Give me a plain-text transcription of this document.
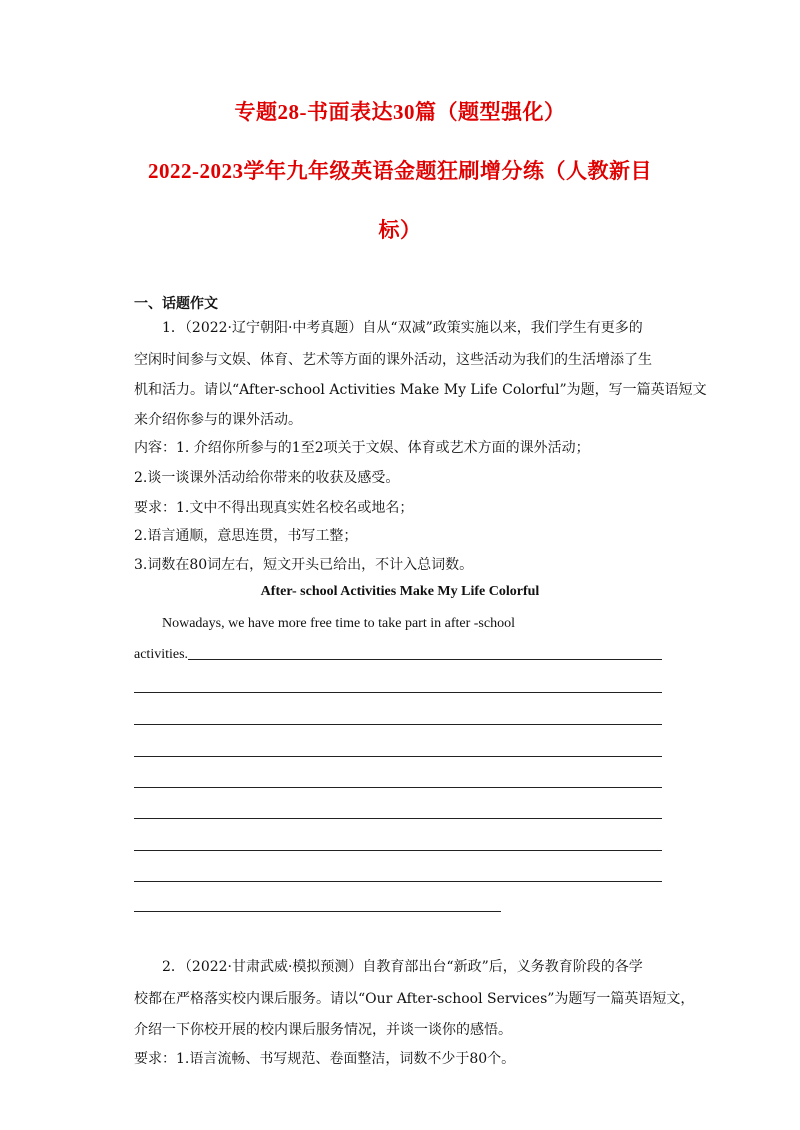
专题28-书面表达30篇（题型强化）
2022-2023学年九年级英语金题狂刷增分练（人教新目
标）
一、话题作文
1．（2022·辽宁朝阳·中考真题）自从“双减”政策实施以来，我们学生有更多的
空闲时间参与文娱、体育、艺术等方面的课外活动，这些活动为我们的生活增添了生
机和活力。请以“After-school Activities Make My Life Colorful”为题，写一篇英语短文
来介绍你参与的课外活动。
内容：1. 介绍你所参与的1至2项关于文娱、体育或艺术方面的课外活动；
2.谈一谈课外活动给你带来的收获及感受。
要求：1.文中不得出现真实姓名校名或地名；
2.语言通顺，意思连贯，书写工整；
3.词数在80词左右，短文开头已给出，不计入总词数。
After- school Activities Make My Life Colorful
Nowadays, we have more free time to take part in after -school
activities.
2．（2022·甘肃武威·模拟预测）自教育部出台“新政”后，义务教育阶段的各学
校都在严格落实校内课后服务。请以“Our After-school Services”为题写一篇英语短文，
介绍一下你校开展的校内课后服务情况，并谈一谈你的感悟。
要求：1.语言流畅、书写规范、卷面整洁，词数不少于80个。
